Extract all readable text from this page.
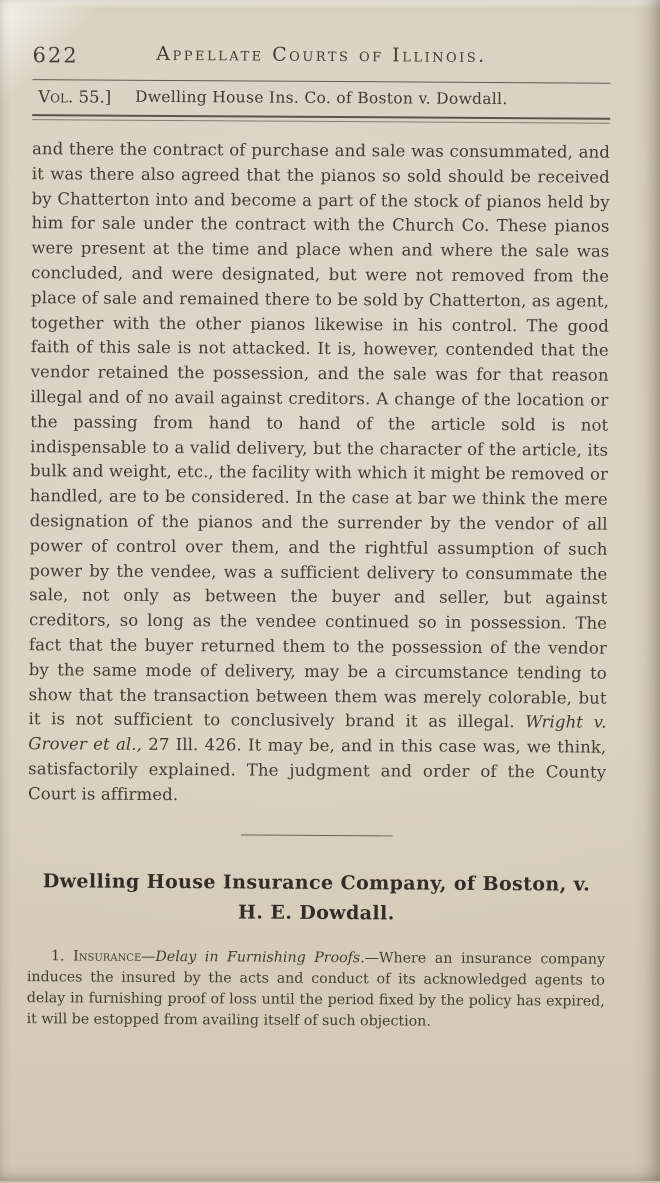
622	Appellate Courts of Illinois.
Vol. 55.]	Dwelling House Ins. Co. of Boston v. Dowdall.

and there the contract of purchase and sale was consummated, and it was there also agreed that the pianos so sold should be received by Chatterton into and become a part of the stock of pianos held by him for sale under the contract with the Church Co. These pianos were present at the time and place when and where the sale was concluded, and were designated, but were not removed from the place of sale and remained there to be sold by Chatterton, as agent, together with the other pianos likewise in his control. The good faith of this sale is not attacked. It is, however, contended that the vendor retained the possession, and the sale was for that reason illegal and of no avail against creditors. A change of the location or the passing from hand to hand of the article sold is not indispensable to a valid delivery, but the character of the article, its bulk and weight, etc., the facility with which it might be removed or handled, are to be considered. In the case at bar we think the mere designation of the pianos and the surrender by the vendor of all power of control over them, and the rightful assumption of such power by the vendee, was a sufficient delivery to consummate the sale, not only as between the buyer and seller, but against creditors, so long as the vendee continued so in possession. The fact that the buyer returned them to the possession of the vendor by the same mode of delivery, may be a circumstance tending to show that the transaction between them was merely colorable, but it is not sufficient to conclusively brand it as illegal. Wright v. Grover et al., 27 Ill. 426. It may be, and in this case was, we think, satisfactorily explained. The judgment and order of the County Court is affirmed.

Dwelling House Insurance Company, of Boston, v.
H. E. Dowdall.

1. Insurance—Delay in Furnishing Proofs.—Where an insurance company induces the insured by the acts and conduct of its acknowledged agents to delay in furnishing proof of loss until the period fixed by the policy has expired, it will be estopped from availing itself of such objection.
